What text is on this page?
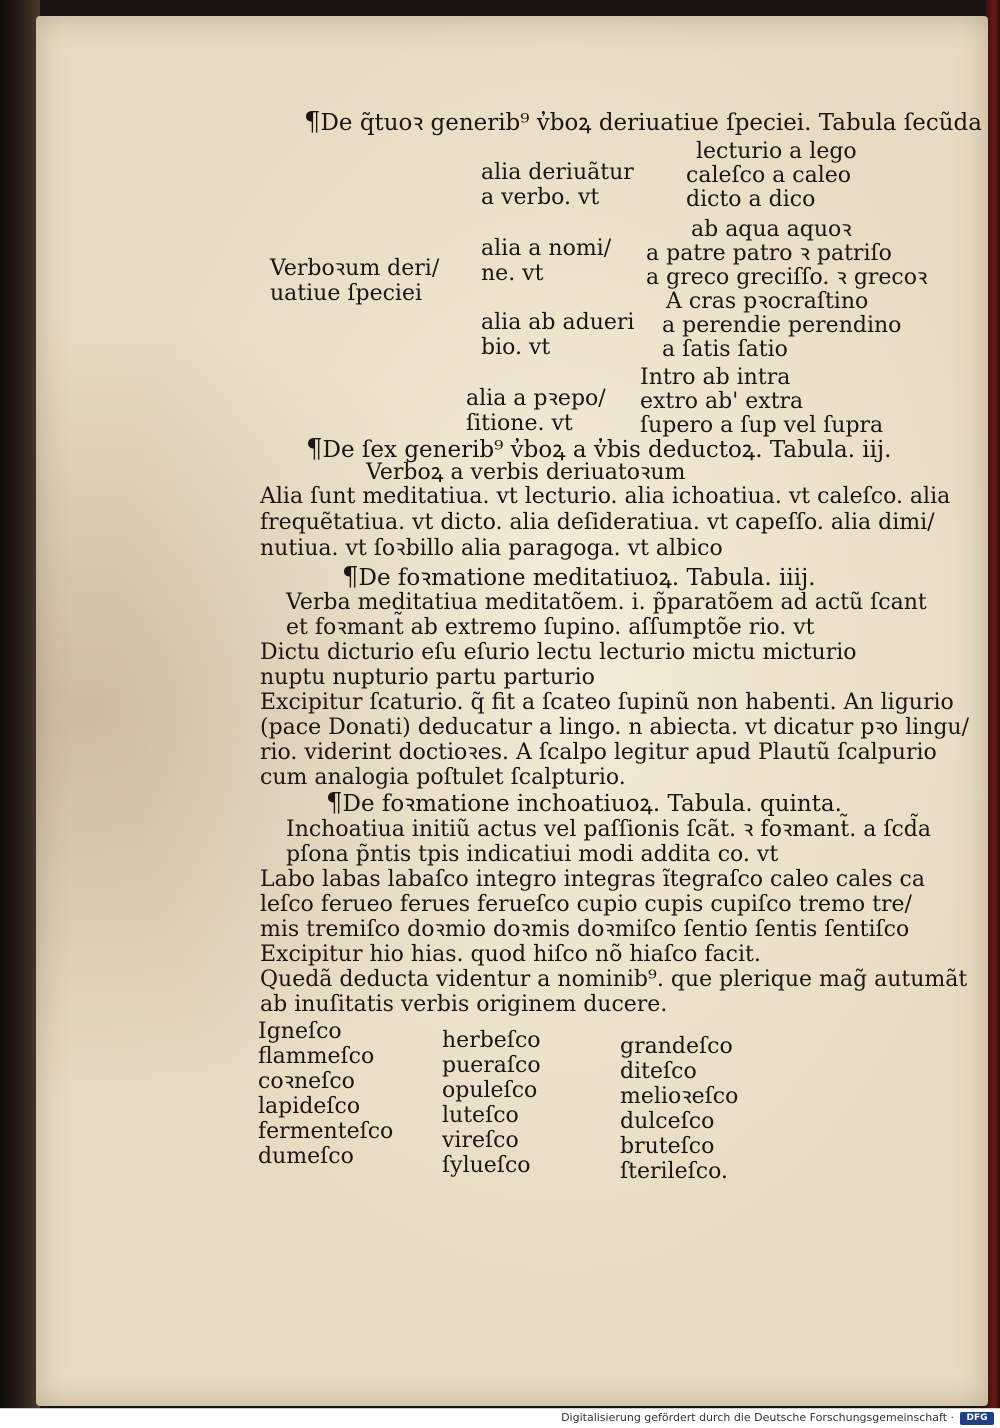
¶De q̃tuoꝛ generib⁹ v̓boꝝ deriuatiue ſpeciei. Tabula ſecũda
Verboꝛum deri/
uatiue ſpeciei
alia deriuãtur
a verbo. vt
alia a nomi/
ne. vt
alia ab adueri
bio. vt
alia a pꝛepo/
ſitione. vt
lecturio a lego
caleſco a caleo
dicto a dico
ab aqua aquoꝛ
a patre patro ꝛ patriſo
a greco greciſſo. ꝛ grecoꝛ
A cras pꝛocraſtino
a perendie perendino
a ſatis ſatio
Intro ab intra
extro ab' extra
ſupero a ſup vel ſupra
¶De ſex generib⁹ v̓boꝝ a v̓bis deductoꝝ. Tabula. iij.
Verboꝝ a verbis deriuatoꝛum
Alia ſunt meditatiua. vt lecturio. alia ichoatiua. vt caleſco. alia
frequẽtatiua. vt dicto. alia deſideratiua. vt capeſſo. alia dimi/
nutiua. vt ſoꝛbillo alia paragoga. vt albico
¶De foꝛmatione meditatiuoꝝ. Tabula. iiij.
Verba meditatiua meditatõem. i. p̃paratõem ad actũ ſcant
et foꝛmant̃ ab extremo ſupino. aſſumptõe rio. vt
Dictu dicturio eſu eſurio lectu lecturio mictu micturio
nuptu nupturio partu parturio
Excipitur ſcaturio. q̃ fit a ſcateo ſupinũ non habenti. An ligurio
(pace Donati) deducatur a lingo. n abiecta. vt dicatur pꝛo lingu/
rio. viderint doctioꝛes. A ſcalpo legitur apud Plautũ ſcalpurio
cum analogia poſtulet ſcalpturio.
¶De foꝛmatione inchoatiuoꝝ. Tabula. quinta.
Inchoatiua initiũ actus vel paſſionis ſcãt. ꝛ foꝛmant̃. a ſcd̃a
pſona p̃ntis tpis indicatiui modi addita co. vt
Labo labas labaſco integro integras ĩtegraſco caleo cales ca
leſco ferueo ferues ferueſco cupio cupis cupiſco tremo tre/
mis tremiſco doꝛmio doꝛmis doꝛmiſco ſentio ſentis ſentiſco
Excipitur hio hias. quod hiſco nõ hiaſco facit.
Quedã deducta videntur a nominib⁹. que plerique mag̃ autumãt
ab inuſitatis verbis originem ducere.
Igneſco
flammeſco
coꝛneſco
lapideſco
fermenteſco
dumeſco
herbeſco
pueraſco
opuleſco
luteſco
vireſco
ſylueſco
grandeſco
diteſco
melioꝛeſco
dulceſco
bruteſco
ſterileſco.
Digitalisierung gefördert durch die Deutsche Forschungsgemeinschaft ·	DFG
